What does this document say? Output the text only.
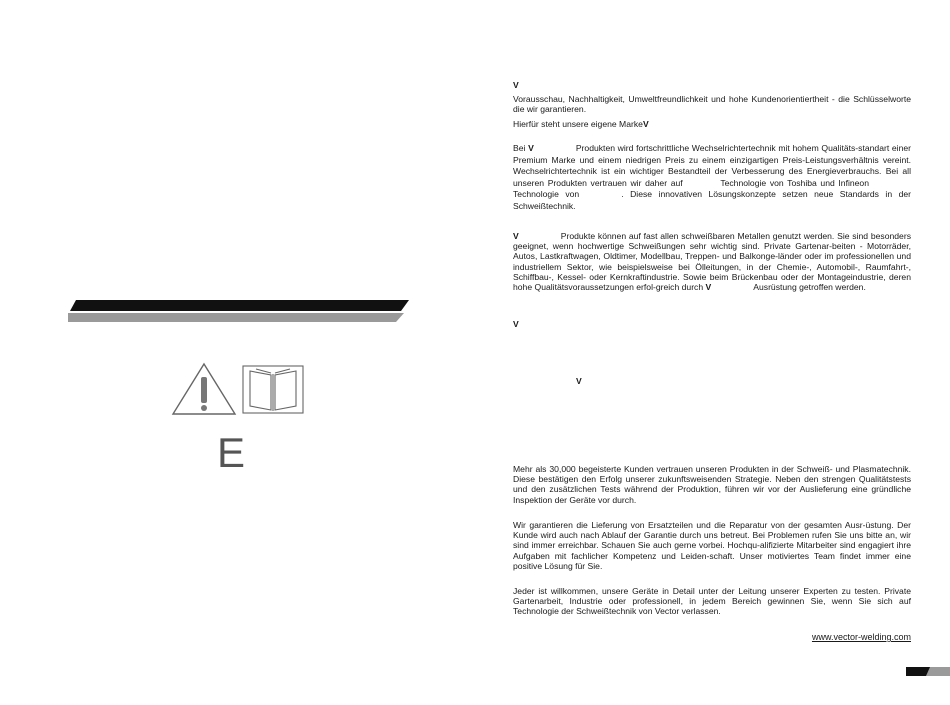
E
V

Vorausschau, Nachhaltigkeit, Umweltfreundlichkeit und hohe Kundenorientiertheit - die Schlüsselworte die wir garantieren.

Hierfür steht unsere eigene MarkeV

Bei V	Produkten wird fortschrittliche Wechselrichtertechnik mit hohem Qualitäts-standart einer Premium Marke und einem niedrigen Preis zu einem einzigartigen Preis-Leistungsverhältnis vereint. Wechselrichtertechnik ist ein wichtiger Bestandteil der Verbesserung des Energieverbrauchs. Bei all unseren Produkten vertrauen wir daher auf	Technologie von Toshiba und InfineonTechnologie von	. Diese innovativen Lösungskonzepte setzen neue Standards in der Schweißtechnik.

V	Produkte können auf fast allen schweißbaren Metallen genutzt werden. Sie sind besonders geeignet, wenn hochwertige Schweißungen sehr wichtig sind. Private Gartenar-beiten - Motorräder, Autos, Lastkraftwagen, Oldtimer, Modellbau, Treppen- und Balkonge-länder oder im professionellen und industriellem Sektor, wie beispielsweise bei Ölleitungen, in der Chemie-, Automobil-, Raumfahrt-, Schiffbau-, Kessel- oder Kernkraftindustrie. Sowie beim Brückenbau oder der Montageindustrie, deren hohe Qualitätsvoraussetzungen erfol-greich durch V	Ausrüstung getroffen werden.

V
V

Mehr als 30,000 begeisterte Kunden vertrauen unseren Produkten in der Schweiß- und Plasmatechnik. Diese bestätigen den Erfolg unserer zukunftsweisenden Strategie. Neben den strengen Qualitätstests und den zusätzlichen Tests während der Produktion, führen wir vor der Auslieferung eine gründliche Inspektion der Geräte vor durch.

Wir garantieren die Lieferung von Ersatzteilen und die Reparatur von der gesamten Ausr-üstung. Der Kunde wird auch nach Ablauf der Garantie durch uns betreut. Bei Problemen rufen Sie uns bitte an, wir sind immer erreichbar. Schauen Sie auch gerne vorbei. Hochqu-alifizierte Mitarbeiter sind engagiert ihre Aufgaben mit fachlicher Kompetenz und Leiden-schaft. Unser motiviertes Team findet immer eine positive Lösung für Sie.

Jeder ist willkommen, unsere Geräte in Detail unter der Leitung unserer Experten zu testen. Private Gartenarbeit, Industrie oder professionell, in jedem Bereich gewinnen Sie, wenn Sie sich auf Technologie der Schweißtechnik von Vector verlassen.

www.vector-welding.com
